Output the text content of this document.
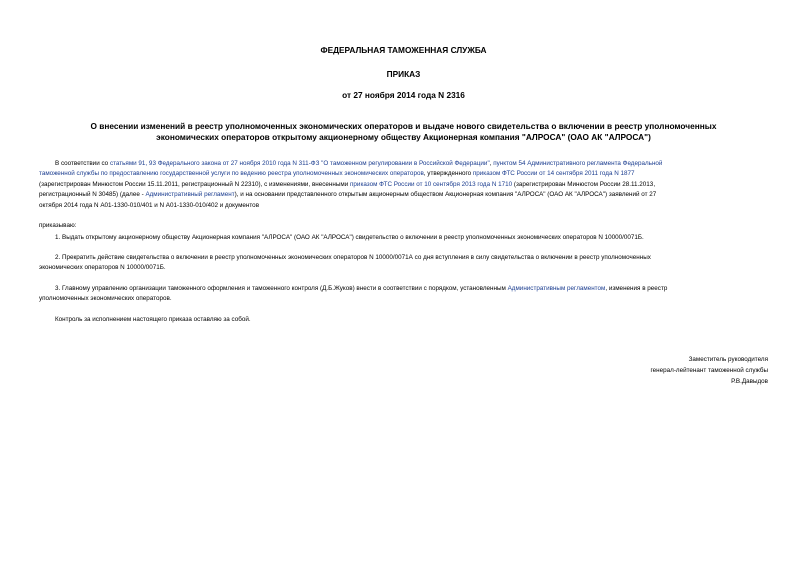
ФЕДЕРАЛЬНАЯ ТАМОЖЕННАЯ СЛУЖБА
ПРИКАЗ
от 27 ноября 2014 года N 2316
О внесении изменений в реестр уполномоченных экономических операторов и выдаче нового свидетельства о включении в реестр уполномоченных
экономических операторов открытому акционерному обществу Акционерная компания "АЛРОСА" (ОАО АК "АЛРОСА")
В соответствии со статьями 91, 93 Федерального закона от 27 ноября 2010 года N 311-ФЗ "О таможенном регулировании в Российской Федерации", пунктом 54 Административного регламента Федеральной
таможенной службы по предоставлению государственной услуги по ведению реестра уполномоченных экономических операторов, утвержденного приказом ФТС России от 14 сентября 2011 года N 1877
(зарегистрирован Минюстом России 15.11.2011, регистрационный N 22310), с изменениями, внесенными приказом ФТС России от 10 сентября 2013 года N 1710 (зарегистрирован Минюстом России 28.11.2013,
регистрационный N 30485) (далее - Административный регламент), и на основании представленного открытым акционерным обществом Акционерная компания "АЛРОСА" (ОАО АК "АЛРОСА") заявлений от 27
октября 2014 года N А01-1330-010/401 и N А01-1330-010/402 и документов
приказываю:
1. Выдать открытому акционерному обществу Акционерная компания "АЛРОСА" (ОАО АК "АЛРОСА") свидетельство о включении в реестр уполномоченных экономических операторов N 10000/0071Б.
2. Прекратить действие свидетельства о включении в реестр уполномоченных экономических операторов N 10000/0071А со дня вступления в силу свидетельства о включении в реестр уполномоченных
экономических операторов N 10000/0071Б.
3. Главному управлению организации таможенного оформления и таможенного контроля (Д.Б.Жуков) внести в соответствии с порядком, установленным Административным регламентом, изменения в реестр
уполномоченных экономических операторов.
Контроль за исполнением настоящего приказа оставляю за собой.
Заместитель руководителя
генерал-лейтенант таможенной службы
Р.В.Давыдов
